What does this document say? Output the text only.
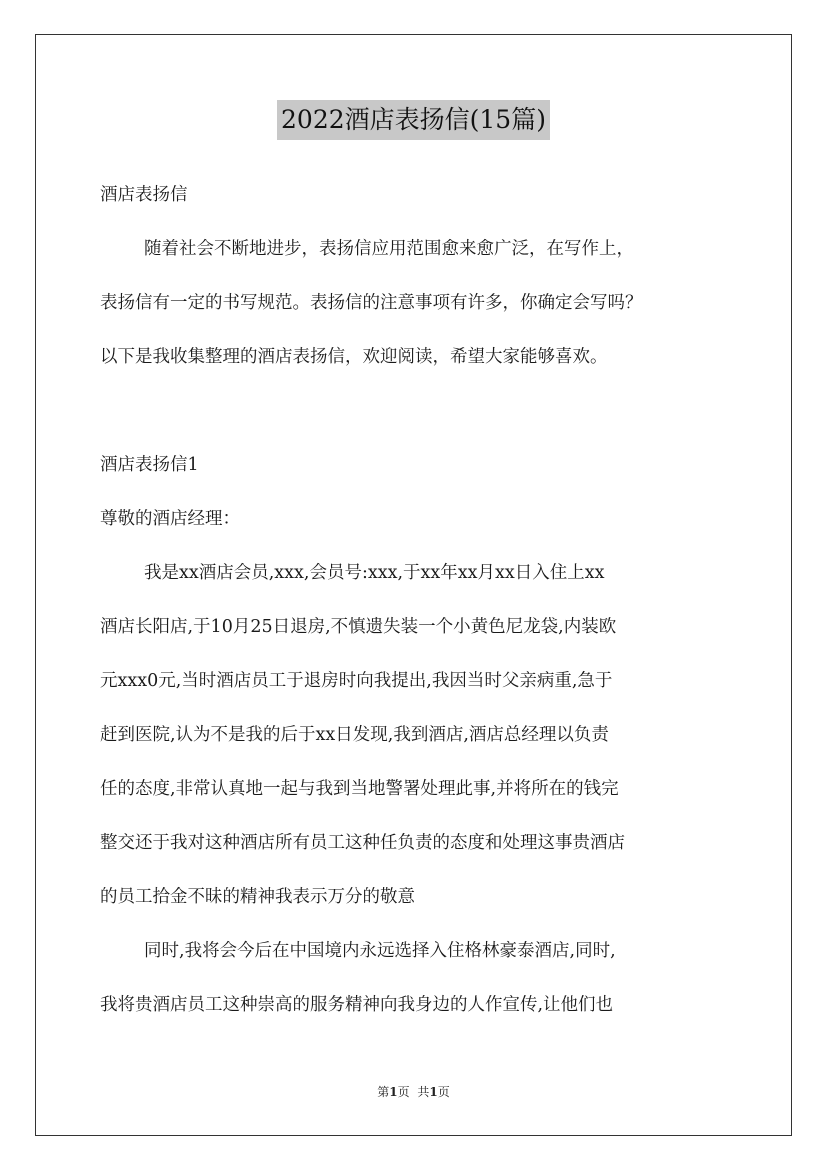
2022酒店表扬信(15篇)
酒店表扬信
随着社会不断地进步，表扬信应用范围愈来愈广泛，在写作上，
表扬信有一定的书写规范。表扬信的注意事项有许多，你确定会写吗？
以下是我收集整理的酒店表扬信，欢迎阅读，希望大家能够喜欢。
酒店表扬信1
尊敬的酒店经理：
我是xx酒店会员,xxx,会员号:xxx,于xx年xx月xx日入住上xx
酒店长阳店,于10月25日退房,不慎遗失装一个小黄色尼龙袋,内装欧
元xxx0元,当时酒店员工于退房时向我提出,我因当时父亲病重,急于
赶到医院,认为不是我的后于xx日发现,我到酒店,酒店总经理以负责
任的态度,非常认真地一起与我到当地警署处理此事,并将所在的钱完
整交还于我对这种酒店所有员工这种任负责的态度和处理这事贵酒店
的员工拾金不昧的精神我表示万分的敬意
同时,我将会今后在中国境内永远选择入住格林豪泰酒店,同时,
我将贵酒店员工这种崇高的服务精神向我身边的人作宣传,让他们也
第1页 共1页
